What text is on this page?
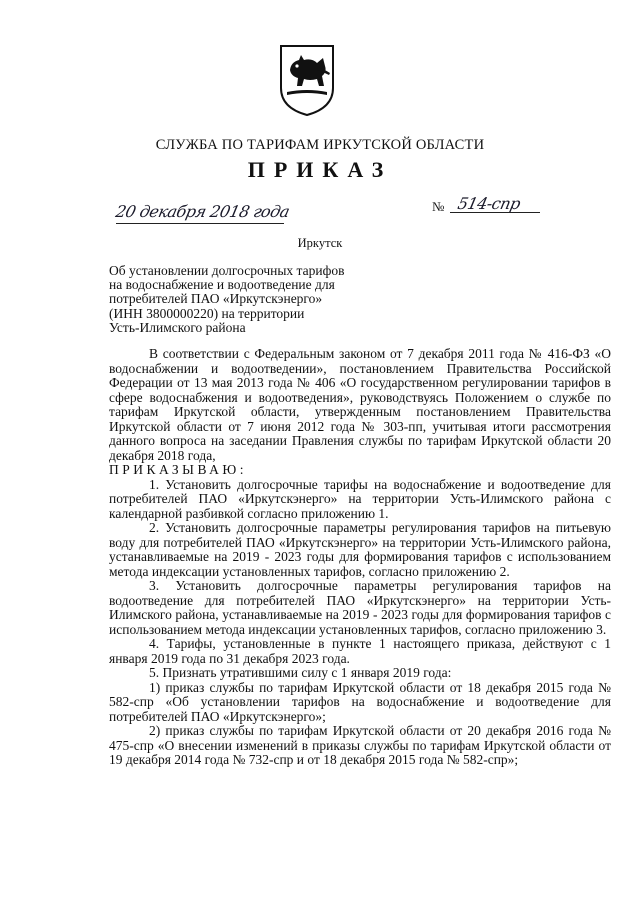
СЛУЖБА ПО ТАРИФАМ ИРКУТСКОЙ ОБЛАСТИ
ПРИКАЗ
20 декабря 2018 года	№ 514-спр
Иркутск
Об установлении долгосрочных тарифов
на водоснабжение и водоотведение для
потребителей ПАО «Иркутскэнерго»
(ИНН 3800000220) на территории
Усть-Илимского района

В соответствии с Федеральным законом от 7 декабря 2011 года № 416-ФЗ «О водоснабжении и водоотведении», постановлением Правительства Российской Федерации от 13 мая 2013 года № 406 «О государственном регулировании тарифов в сфере водоснабжения и водоотведения», руководствуясь Положением о службе по тарифам Иркутской области, утвержденным постановлением Правительства Иркутской области от 7 июня 2012 года № 303-пп, учитывая итоги рассмотрения данного вопроса на заседании Правления службы по тарифам Иркутской области 20 декабря 2018 года,

ПРИКАЗЫВАЮ:

1. Установить долгосрочные тарифы на водоснабжение и водоотведение для потребителей ПАО «Иркутскэнерго» на территории Усть-Илимского района с календарной разбивкой согласно приложению 1.

2. Установить долгосрочные параметры регулирования тарифов на питьевую воду для потребителей ПАО «Иркутскэнерго» на территории Усть-Илимского района, устанавливаемые на 2019 - 2023 годы для формирования тарифов с использованием метода индексации установленных тарифов, согласно приложению 2.

3. Установить долгосрочные параметры регулирования тарифов на водоотведение для потребителей ПАО «Иркутскэнерго» на территории Усть-Илимского района, устанавливаемые на 2019 - 2023 годы для формирования тарифов с использованием метода индексации установленных тарифов, согласно приложению 3.

4. Тарифы, установленные в пункте 1 настоящего приказа, действуют с 1 января 2019 года по 31 декабря 2023 года.

5. Признать утратившими силу с 1 января 2019 года:

1) приказ службы по тарифам Иркутской области от 18 декабря 2015 года № 582-спр «Об установлении тарифов на водоснабжение и водоотведение для потребителей ПАО «Иркутскэнерго»;

2) приказ службы по тарифам Иркутской области от 20 декабря 2016 года № 475-спр «О внесении изменений в приказы службы по тарифам Иркутской области от 19 декабря 2014 года № 732-спр и от 18 декабря 2015 года № 582-спр»;
